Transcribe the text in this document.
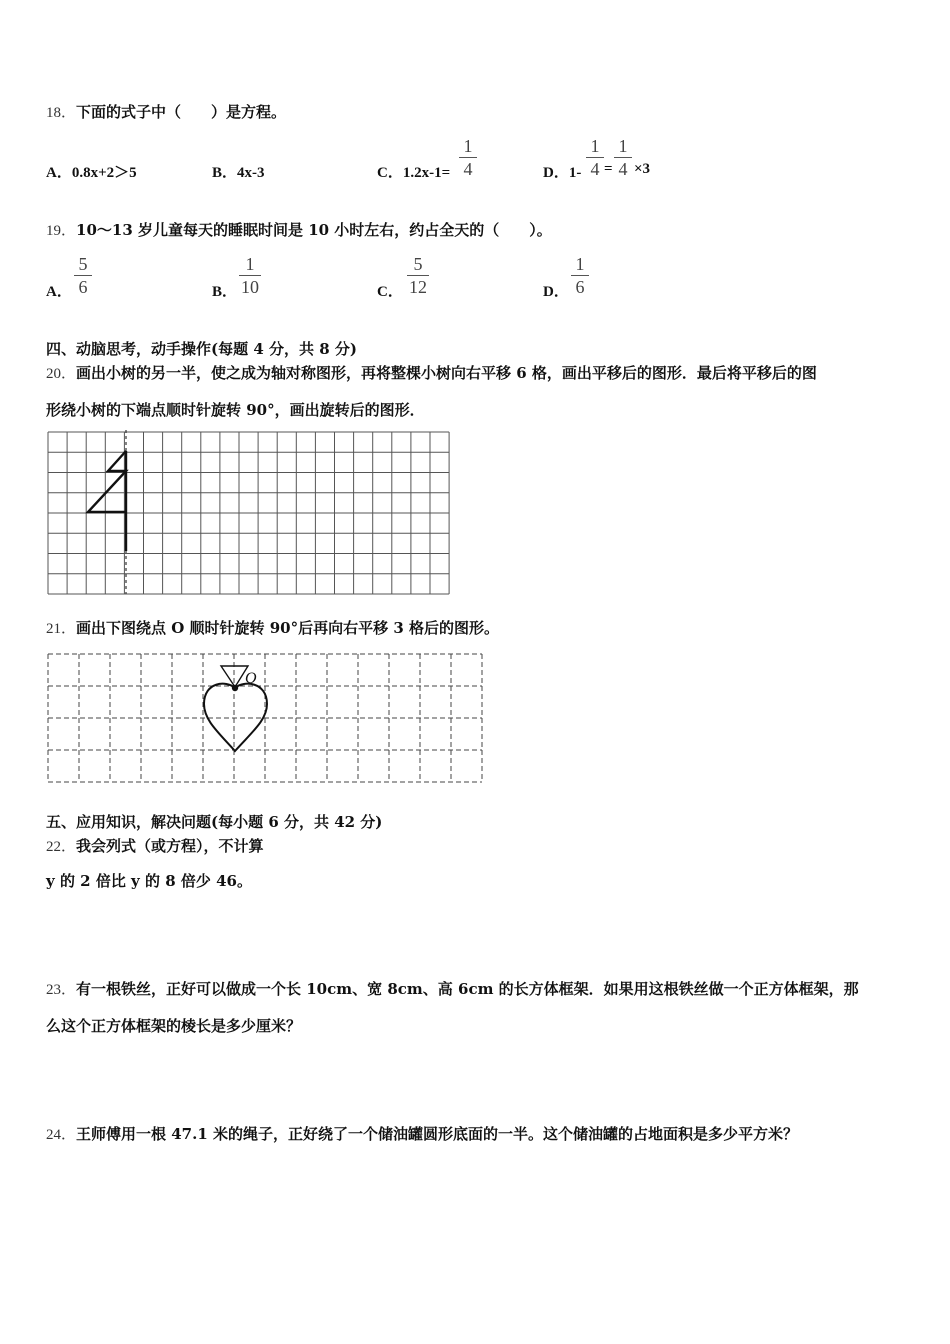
18．下面的式子中（　　）是方程。
A．0.8x+2＞5	B．4x-3	C．1.2x-1=
1
4	D．1-
1
4 =
1
4 ×3
19．10～13 岁儿童每天的睡眠时间是 10 小时左右，约占全天的（　　）。
A．
5
6	B．
1
10	C．
5
12	D．
1
6
四、动脑思考，动手操作(每题 4 分，共 8 分)
20．画出小树的另一半，使之成为轴对称图形，再将整棵小树向右平移 6 格，画出平移后的图形．最后将平移后的图
形绕小树的下端点顺时针旋转 90°，画出旋转后的图形．
21．画出下图绕点 O 顺时针旋转 90°后再向右平移 3 格后的图形。
O
五、应用知识，解决问题(每小题 6 分，共 42 分)
22．我会列式（或方程），不计算
y 的 2 倍比 y 的 8 倍少 46。
23．有一根铁丝，正好可以做成一个长 10cm、宽 8cm、高 6cm 的长方体框架．如果用这根铁丝做一个正方体框架，那
么这个正方体框架的棱长是多少厘米？
24．王师傅用一根 47.1 米的绳子，正好绕了一个储油罐圆形底面的一半。这个储油罐的占地面积是多少平方米？
